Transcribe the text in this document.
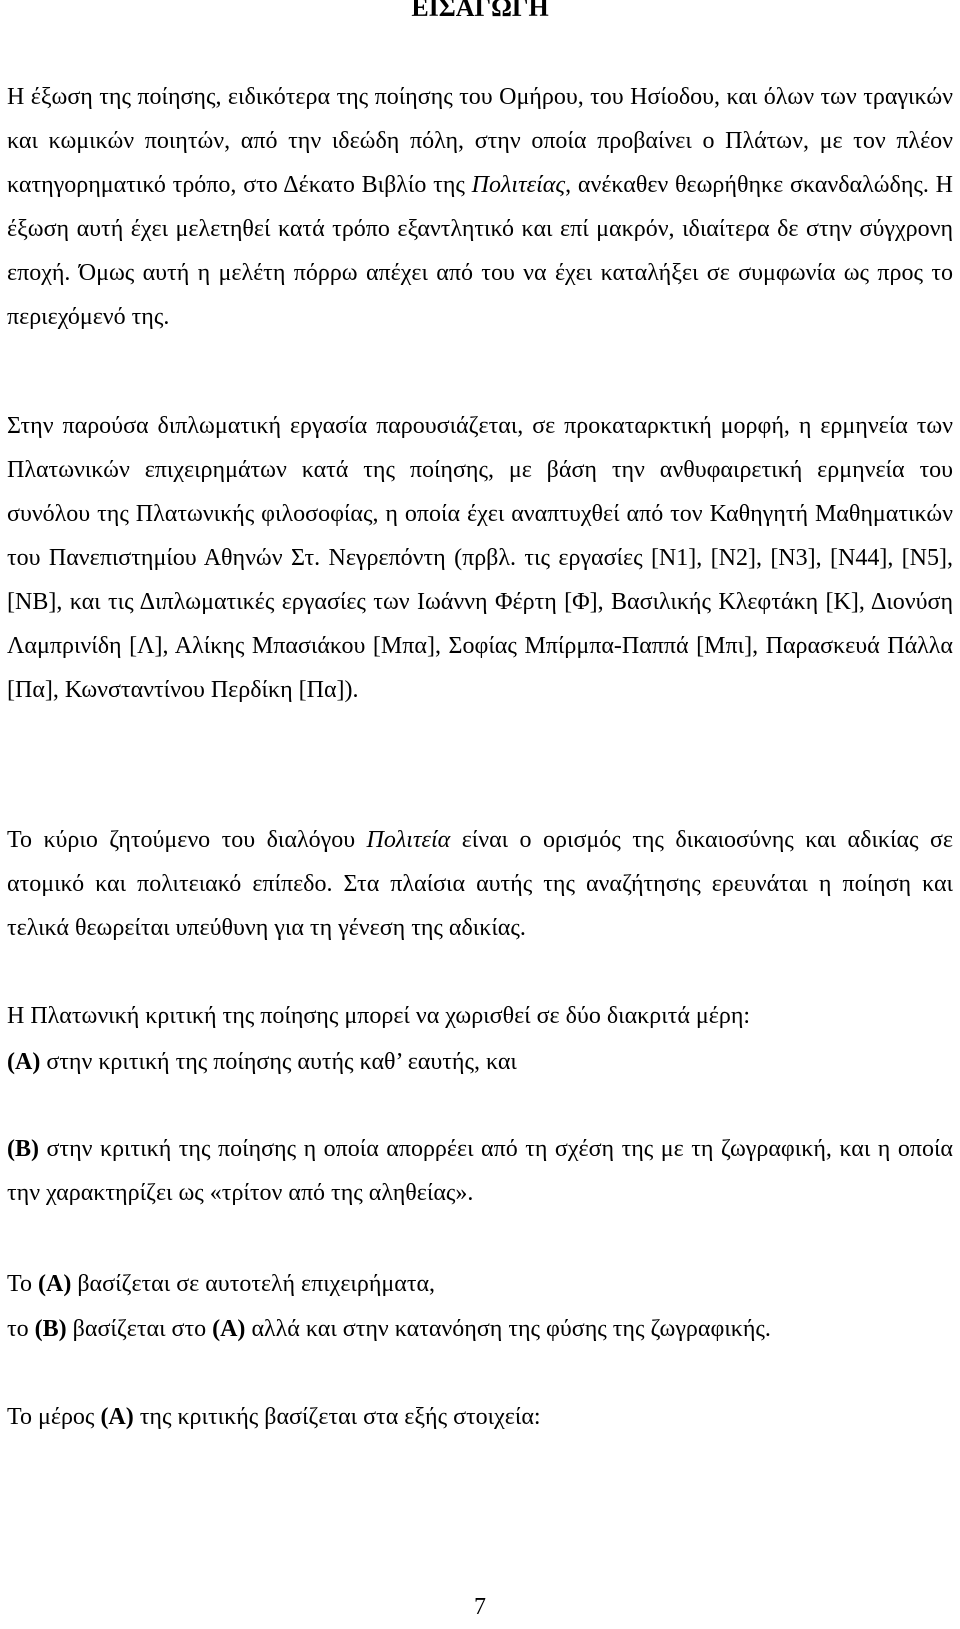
ΕΙΣΑΓΩΓΗ

Η έξωση της ποίησης, ειδικότερα της ποίησης του Ομήρου, του Ησίοδου, και όλων των τραγικών και κωμικών ποιητών, από την ιδεώδη πόλη, στην οποία προβαίνει ο Πλάτων, με τον πλέον κατηγορηματικό τρόπο, στο Δέκατο Βιβλίο της Πολιτείας, ανέκαθεν θεωρήθηκε σκανδαλώδης. Η έξωση αυτή έχει μελετηθεί κατά τρόπο εξαντλητικό και επί μακρόν, ιδιαίτερα δε στην σύγχρονη εποχή. Όμως αυτή η μελέτη πόρρω απέχει από του να έχει καταλήξει σε συμφωνία ως προς το περιεχόμενό της.

Στην παρούσα διπλωματική εργασία παρουσιάζεται, σε προκαταρκτική μορφή, η ερμηνεία των Πλατωνικών επιχειρημάτων κατά της ποίησης, με βάση την ανθυφαιρετική ερμηνεία του συνόλου της Πλατωνικής φιλοσοφίας, η οποία έχει αναπτυχθεί από τον Καθηγητή Μαθηματικών του Πανεπιστημίου Αθηνών Στ. Νεγρεπόντη (πρβλ. τις εργασίες [Ν1], [Ν2], [Ν3], [Ν44], [Ν5], [ΝΒ], και τις Διπλωματικές εργασίες των Ιωάννη Φέρτη [Φ], Βασιλικής Κλεφτάκη [Κ], Διονύση Λαμπρινίδη [Λ], Αλίκης Μπασιάκου [Μπα], Σοφίας Μπίρμπα-Παππά [Μπι], Παρασκευά Πάλλα [Πα], Κωνσταντίνου Περδίκη [Πα]).

Το κύριο ζητούμενο του διαλόγου Πολιτεία είναι ο ορισμός της δικαιοσύνης και αδικίας σε ατομικό και πολιτειακό επίπεδο. Στα πλαίσια αυτής της αναζήτησης ερευνάται η ποίηση και τελικά θεωρείται υπεύθυνη για τη γένεση της αδικίας.

Η Πλατωνική κριτική της ποίησης μπορεί να χωρισθεί σε δύο διακριτά μέρη:

(Α) στην κριτική της ποίησης αυτής καθ’ εαυτής, και

(Β) στην κριτική της ποίησης η οποία απορρέει από τη σχέση της με τη ζωγραφική, και η οποία την χαρακτηρίζει ως «τρίτον από της αληθείας».

Το (Α) βασίζεται σε αυτοτελή επιχειρήματα,

το (Β) βασίζεται στο (Α) αλλά και στην κατανόηση της φύσης της ζωγραφικής.

Το μέρος (Α) της κριτικής βασίζεται στα εξής στοιχεία:

7
